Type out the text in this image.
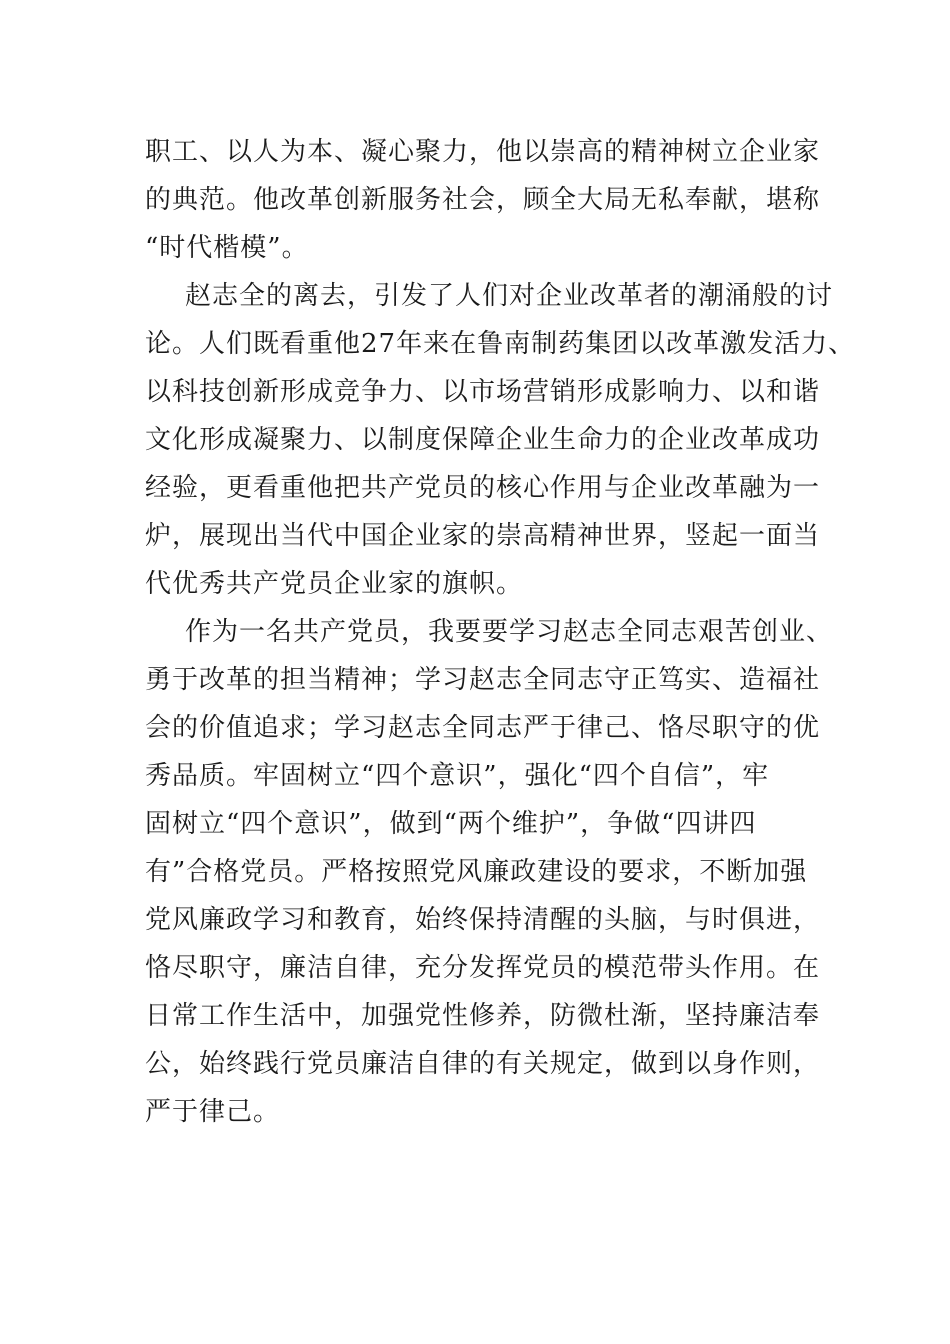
职工、以人为本、凝心聚力，他以崇高的精神树立企业家
的典范。他改革创新服务社会，顾全大局无私奉献，堪称
“时代楷模”。
赵志全的离去，引发了人们对企业改革者的潮涌般的讨
论。人们既看重他27年来在鲁南制药集团以改革激发活力、
以科技创新形成竞争力、以市场营销形成影响力、以和谐
文化形成凝聚力、以制度保障企业生命力的企业改革成功
经验，更看重他把共产党员的核心作用与企业改革融为一
炉，展现出当代中国企业家的崇高精神世界，竖起一面当
代优秀共产党员企业家的旗帜。
作为一名共产党员，我要要学习赵志全同志艰苦创业、
勇于改革的担当精神；学习赵志全同志守正笃实、造福社
会的价值追求；学习赵志全同志严于律己、恪尽职守的优
秀品质。牢固树立“四个意识”，强化“四个自信”，牢
固树立“四个意识”，做到“两个维护”，争做“四讲四
有”合格党员。严格按照党风廉政建设的要求，不断加强
党风廉政学习和教育，始终保持清醒的头脑，与时俱进，
恪尽职守，廉洁自律，充分发挥党员的模范带头作用。在
日常工作生活中，加强党性修养，防微杜渐，坚持廉洁奉
公，始终践行党员廉洁自律的有关规定，做到以身作则，
严于律己。
